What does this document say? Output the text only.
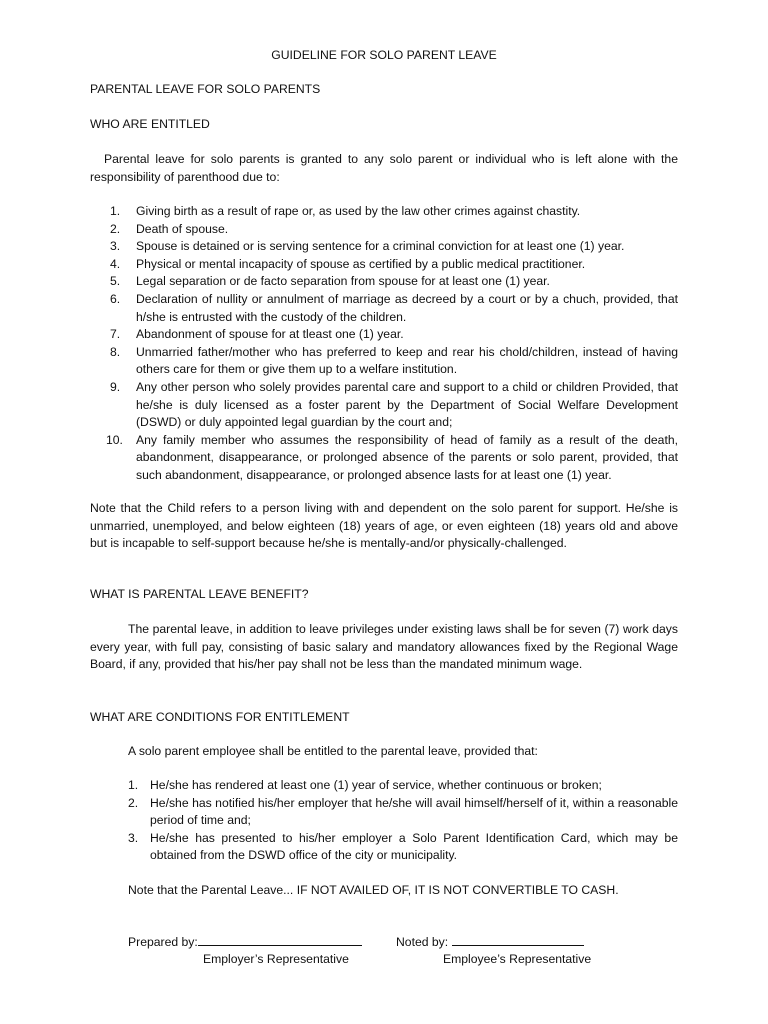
GUIDELINE FOR SOLO PARENT LEAVE
PARENTAL LEAVE FOR SOLO PARENTS
WHO ARE ENTITLED
Parental leave for solo parents is granted to any solo parent or individual who is left alone with the responsibility of parenthood due to:
1. Giving birth as a result of rape or, as used by the law other crimes against chastity.
2. Death of spouse.
3. Spouse is detained or is serving sentence for a criminal conviction for at least one (1) year.
4. Physical or mental incapacity of spouse as certified by a public medical practitioner.
5. Legal separation or de facto separation from spouse for at least one (1) year.
6. Declaration of nullity or annulment of marriage as decreed by a court or by a chuch, provided, that h/she is entrusted with the custody of the children.
7. Abandonment of spouse for at tleast one (1) year.
8. Unmarried father/mother who has preferred to keep and rear his chold/children, instead of having others care for them or give them up to a welfare institution.
9. Any other person who solely provides parental care and support to a child or children Provided, that he/she is duly licensed as a foster parent by the Department of Social Welfare Development (DSWD) or duly appointed legal guardian by the court and;
10. Any family member who assumes the responsibility of head of family as a result of the death, abandonment, disappearance, or prolonged absence of the parents or solo parent, provided, that such abandonment, disappearance, or prolonged absence lasts for at least one (1) year.
Note that the Child refers to a person living with and dependent on the solo parent for support. He/she is unmarried, unemployed, and below eighteen (18) years of age, or even eighteen (18) years old and above but is incapable to self-support because he/she is mentally-and/or physically-challenged.
WHAT IS PARENTAL LEAVE BENEFIT?
The parental leave, in addition to leave privileges under existing laws shall be for seven (7) work days every year, with full pay, consisting of basic salary and mandatory allowances fixed by the Regional Wage Board, if any, provided that his/her pay shall not be less than the mandated minimum wage.
WHAT ARE CONDITIONS FOR ENTITLEMENT
A solo parent employee shall be entitled to the parental leave, provided that:
1. He/she has rendered at least one (1) year of service, whether continuous or broken;
2. He/she has notified his/her employer that he/she will avail himself/herself of it, within a reasonable period of time and;
3. He/she has presented to his/her employer a Solo Parent Identification Card, which may be obtained from the DSWD office of the city or municipality.
Note that the Parental Leave... IF NOT AVAILED OF, IT IS NOT CONVERTIBLE TO CASH.
Prepared by:	Noted by:
Employer’s Representative	Employee’s Representative
